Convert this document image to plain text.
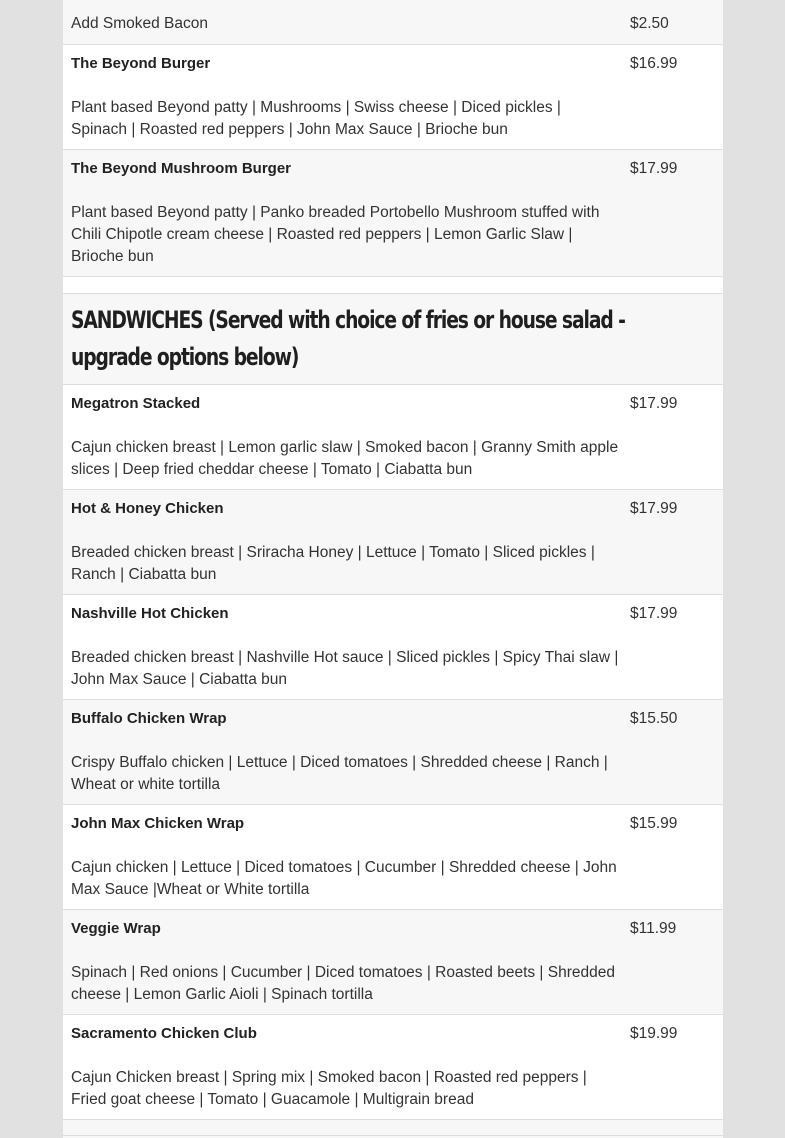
Add Smoked Bacon	$2.50
The Beyond Burger
Plant based Beyond patty | Mushrooms | Swiss cheese | Diced pickles | Spinach | Roasted red peppers | John Max Sauce | Brioche bun
$16.99
The Beyond Mushroom Burger
Plant based Beyond patty | Panko breaded Portobello Mushroom stuffed with Chili Chipotle cream cheese | Roasted red peppers | Lemon Garlic Slaw | Brioche bun
$17.99
SANDWICHES (Served with choice of fries or house salad - upgrade options below)
Megatron Stacked
Cajun chicken breast | Lemon garlic slaw | Smoked bacon | Granny Smith apple slices | Deep fried cheddar cheese | Tomato | Ciabatta bun
$17.99
Hot & Honey Chicken
Breaded chicken breast | Sriracha Honey | Lettuce | Tomato | Sliced pickles | Ranch | Ciabatta bun
$17.99
Nashville Hot Chicken
Breaded chicken breast | Nashville Hot sauce | Sliced pickles | Spicy Thai slaw | John Max Sauce | Ciabatta bun
$17.99
Buffalo Chicken Wrap
Crispy Buffalo chicken | Lettuce | Diced tomatoes | Shredded cheese | Ranch | Wheat or white tortilla
$15.50
John Max Chicken Wrap
Cajun chicken | Lettuce | Diced tomatoes | Cucumber | Shredded cheese | John Max Sauce |Wheat or White tortilla
$15.99
Veggie Wrap
Spinach | Red onions | Cucumber | Diced tomatoes | Roasted beets | Shredded cheese | Lemon Garlic Aioli | Spinach tortilla
$11.99
Sacramento Chicken Club
Cajun Chicken breast | Spring mix | Smoked bacon | Roasted red peppers | Fried goat cheese | Tomato | Guacamole | Multigrain bread
$19.99
